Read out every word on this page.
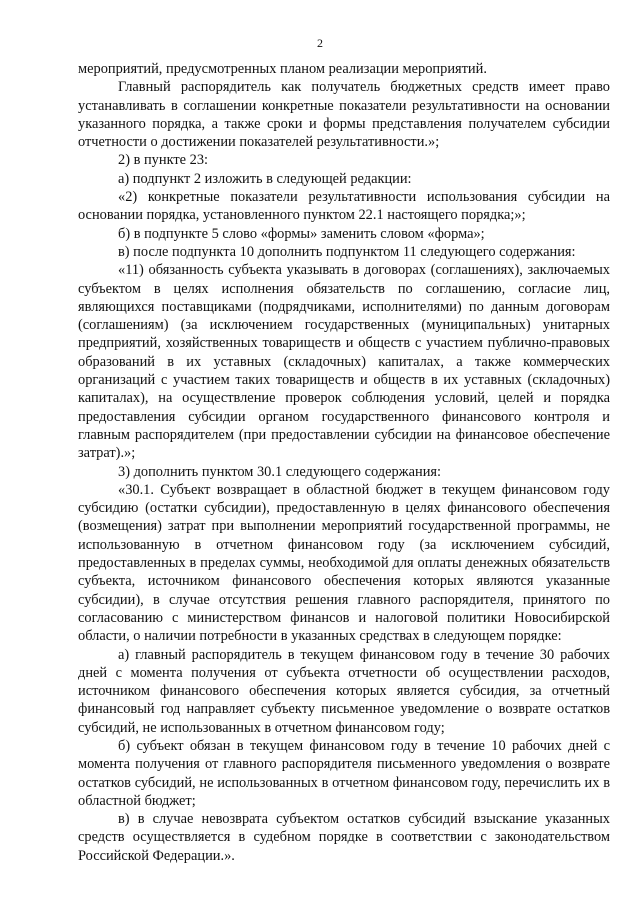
2

мероприятий, предусмотренных планом реализации мероприятий.

Главный распорядитель как получатель бюджетных средств имеет право устанавливать в соглашении конкретные показатели результативности на основании указанного порядка, а также сроки и формы представления получателем субсидии отчетности о достижении показателей результативности.»;

2) в пункте 23:

а) подпункт 2 изложить в следующей редакции:

«2) конкретные показатели результативности использования субсидии на основании порядка, установленного пунктом 22.1 настоящего порядка;»;

б) в подпункте 5 слово «формы» заменить словом «форма»;

в) после подпункта 10 дополнить подпунктом 11 следующего содержания:

«11) обязанность субъекта указывать в договорах (соглашениях), заключаемых субъектом в целях исполнения обязательств по соглашению, согласие лиц, являющихся поставщиками (подрядчиками, исполнителями) по данным договорам (соглашениям) (за исключением государственных (муниципальных) унитарных предприятий, хозяйственных товариществ и обществ с участием публично-правовых образований в их уставных (складочных) капиталах, а также коммерческих организаций с участием таких товариществ и обществ в их уставных (складочных) капиталах), на осуществление проверок соблюдения условий, целей и порядка предоставления субсидии органом государственного финансового контроля и главным распорядителем (при предоставлении субсидии на финансовое обеспечение затрат).»;

3) дополнить пунктом 30.1 следующего содержания:

«30.1. Субъект возвращает в областной бюджет в текущем финансовом году субсидию (остатки субсидии), предоставленную в целях финансового обеспечения (возмещения) затрат при выполнении мероприятий государственной программы, не использованную в отчетном финансовом году (за исключением субсидий, предоставленных в пределах суммы, необходимой для оплаты денежных обязательств субъекта, источником финансового обеспечения которых являются указанные субсидии), в случае отсутствия решения главного распорядителя, принятого по согласованию с министерством финансов и налоговой политики Новосибирской области, о наличии потребности в указанных средствах в следующем порядке:

а) главный распорядитель в текущем финансовом году в течение 30 рабочих дней с момента получения от субъекта отчетности об осуществлении расходов, источником финансового обеспечения которых является субсидия, за отчетный финансовый год направляет субъекту письменное уведомление о возврате остатков субсидий, не использованных в отчетном финансовом году;

б) субъект обязан в текущем финансовом году в течение 10 рабочих дней с момента получения от главного распорядителя письменного уведомления о возврате остатков субсидий, не использованных в отчетном финансовом году, перечислить их в областной бюджет;

в) в случае невозврата субъектом остатков субсидий взыскание указанных средств осуществляется в судебном порядке в соответствии с законодательством Российской Федерации.».
